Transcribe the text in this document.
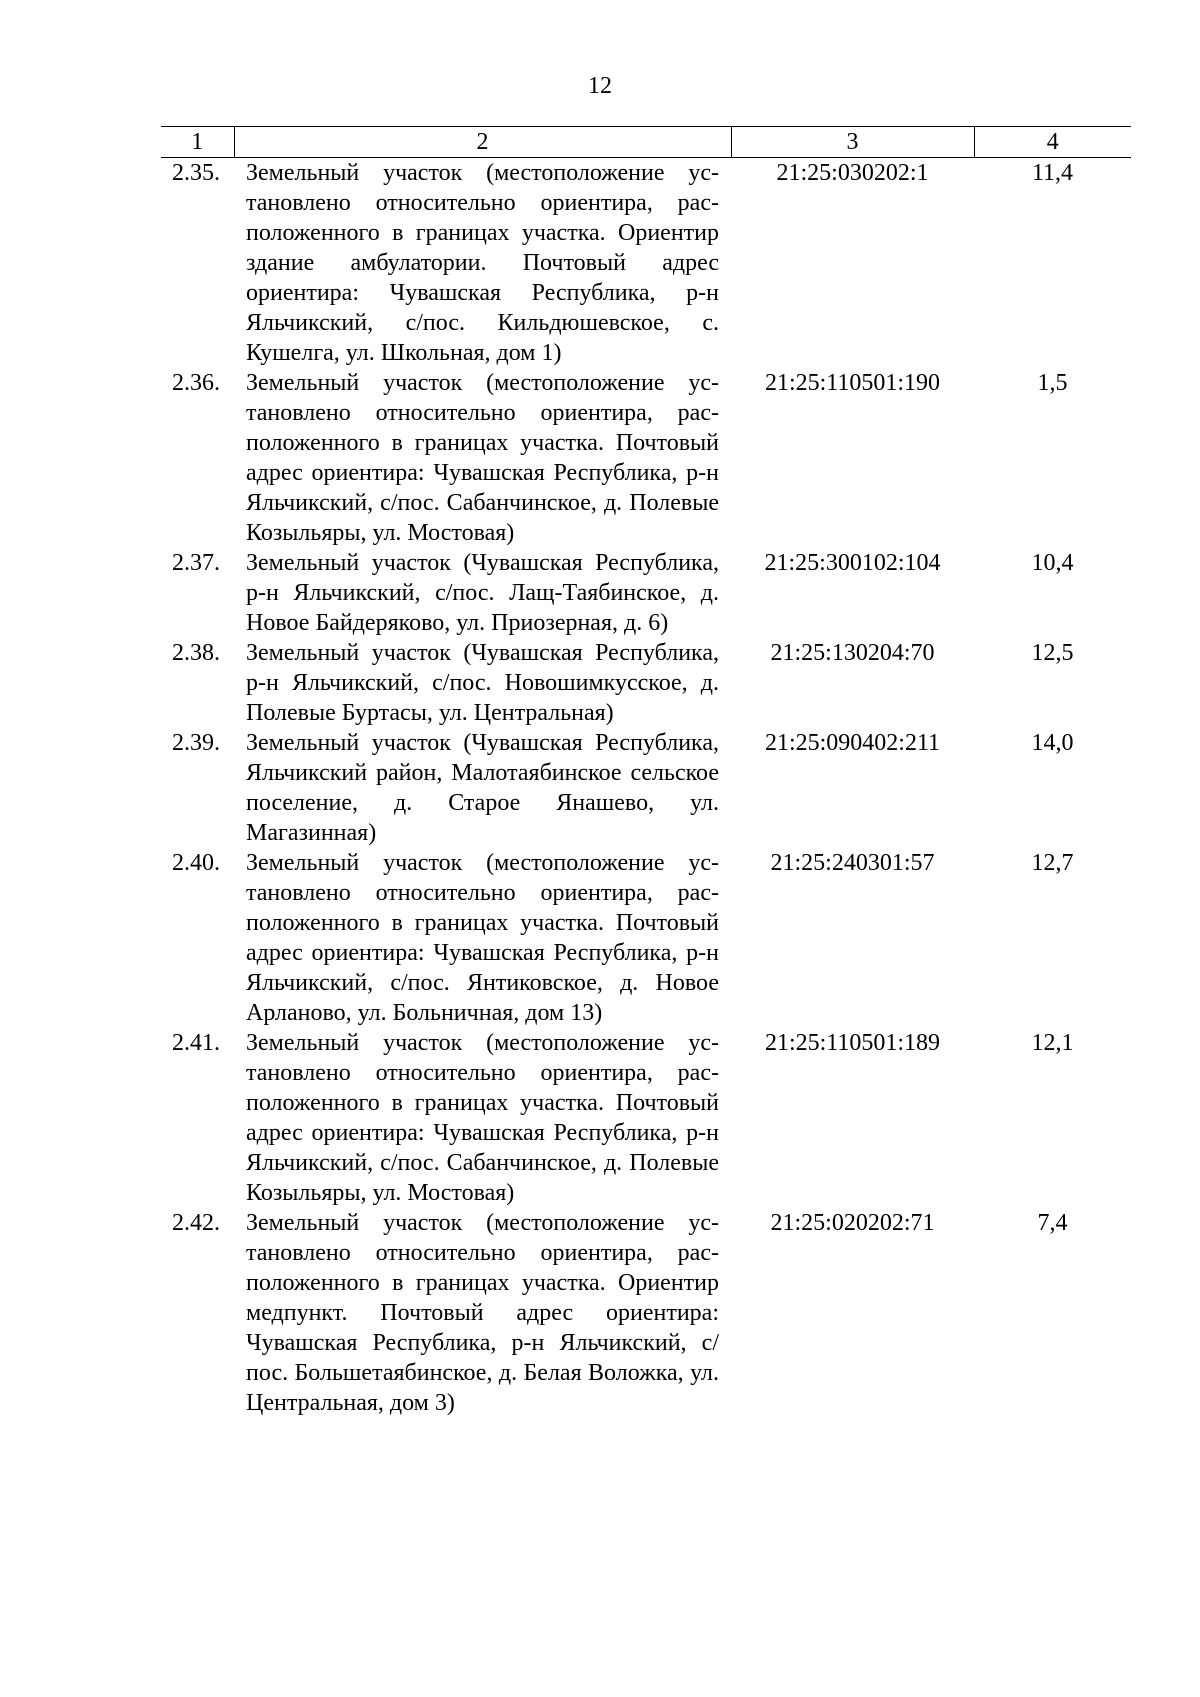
12
1	2	3	4
2.35.	Земельный участок (местоположение установлено относительно ориентира, расположенного в границах участка. Ориентир здание амбулатории. Почтовый адрес ориентира: Чувашская Республика, р-н Яльчикский, с/пос. Кильдюшевское, с. Кушелга, ул. Школьная, дом 1)	21:25:030202:1	11,4
2.36.	Земельный участок (местоположение установлено относительно ориентира, расположенного в границах участка. Почтовый адрес ориентира: Чувашская Республика, р-н Яльчикский, с/пос. Сабанчинское, д. Полевые Козыльяры, ул. Мостовая)	21:25:110501:190	1,5
2.37.	Земельный участок (Чувашская Республика, р-н Яльчикский, с/пос. Лащ-Таябинское, д. Новое Байдеряково, ул. Приозерная, д. 6)	21:25:300102:104	10,4
2.38.	Земельный участок (Чувашская Республика, р-н Яльчикский, с/пос. Новошимкусское, д. Полевые Буртасы, ул. Центральная)	21:25:130204:70	12,5
2.39.	Земельный участок (Чувашская Республика, Яльчикский район, Малотаябинское сельское поселение, д. Старое Янашево, ул. Магазинная)	21:25:090402:211	14,0
2.40.	Земельный участок (местоположение установлено относительно ориентира, расположенного в границах участка. Почтовый адрес ориентира: Чувашская Республика, р-н Яльчикский, с/пос. Янтиковское, д. Новое Арланово, ул. Больничная, дом 13)	21:25:240301:57	12,7
2.41.	Земельный участок (местоположение установлено относительно ориентира, расположенного в границах участка. Почтовый адрес ориентира: Чувашская Республика, р-н Яльчикский, с/пос. Сабанчинское, д. Полевые Козыльяры, ул. Мостовая)	21:25:110501:189	12,1
2.42.	Земельный участок (местоположение установлено относительно ориентира, расположенного в границах участка. Ориентир медпункт. Почтовый адрес ориентира: Чувашская Республика, р-н Яльчикский, с/пос. Большетаябинское, д. Белая Воложка, ул. Центральная, дом 3)	21:25:020202:71	7,4
